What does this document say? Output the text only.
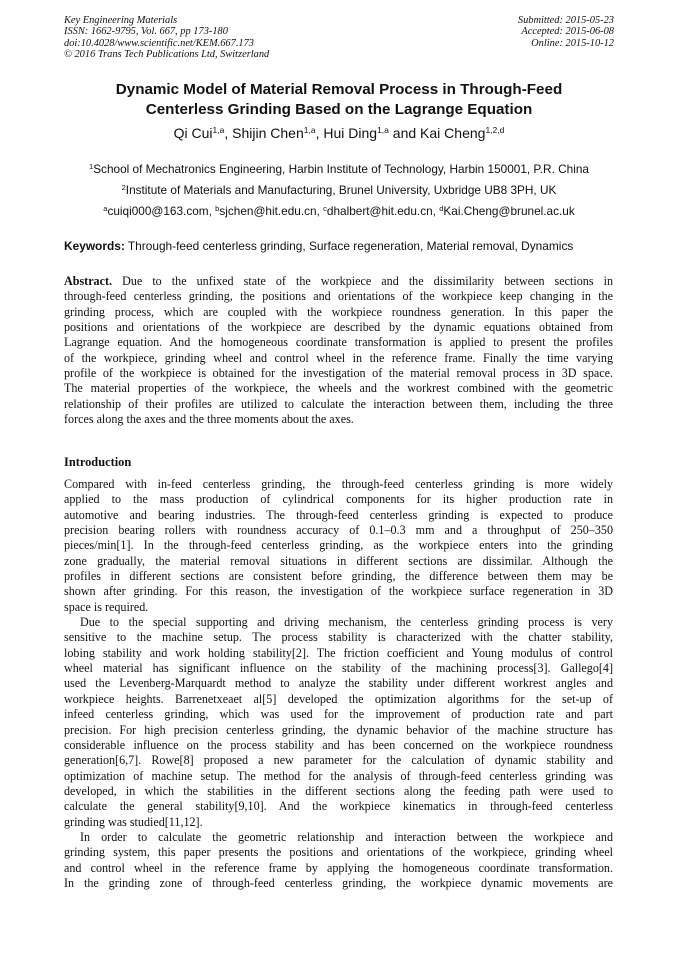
Key Engineering Materials
ISSN: 1662-9795, Vol. 667, pp 173-180
doi:10.4028/www.scientific.net/KEM.667.173
© 2016 Trans Tech Publications Ltd, Switzerland
Submitted: 2015-05-23
Accepted: 2015-06-08
Online: 2015-10-12
Dynamic Model of Material Removal Process in Through-Feed
Centerless Grinding Based on the Lagrange Equation
Qi Cui$^{1,a}$, Shijin Chen$^{1,a}$, Hui Ding$^{1,a}$ and Kai Cheng$^{1,2,d}$
$^1$School of Mechatronics Engineering, Harbin Institute of Technology, Harbin 150001, P.R. China
$^2$Institute of Materials and Manufacturing, Brunel University, Uxbridge UB8 3PH, UK
$^a$cuiqi000@163.com, $^b$sjchen@hit.edu.cn, $^c$dhalbert@hit.edu.cn, $^d$Kai.Cheng@brunel.ac.uk
Keywords: Through-feed centerless grinding, Surface regeneration, Material removal, Dynamics
Abstract. Due to the unfixed state of the workpiece and the dissimilarity between sections in
through-feed centerless grinding, the positions and orientations of the workpiece keep changing in the
grinding process, which are coupled with the workpiece roundness generation. In this paper the
positions and orientations of the workpiece are described by the dynamic equations obtained from
Lagrange equation. And the homogeneous coordinate transformation is applied to present the profiles
of the workpiece, grinding wheel and control wheel in the reference frame. Finally the time varying
profile of the workpiece is obtained for the investigation of the material removal process in 3D space.
The material properties of the workpiece, the wheels and the workrest combined with the geometric
relationship of their profiles are utilized to calculate the interaction between them, including the three
forces along the axes and the three moments about the axes.
Introduction
Compared with in-feed centerless grinding, the through-feed centerless grinding is more widely
applied to the mass production of cylindrical components for its higher production rate in
automotive and bearing industries. The through-feed centerless grinding is expected to produce
precision bearing rollers with roundness accuracy of 0.1–0.3 mm and a throughput of 250–350
pieces/min[1]. In the through-feed centerless grinding, as the workpiece enters into the grinding
zone gradually, the material removal situations in different sections are dissimilar. Although the
profiles in different sections are consistent before grinding, the difference between them may be
shown after grinding. For this reason, the investigation of the workpiece surface regeneration in 3D
space is required.
Due to the special supporting and driving mechanism, the centerless grinding process is very
sensitive to the machine setup. The process stability is characterized with the chatter stability,
lobing stability and work holding stability[2]. The friction coefficient and Young modulus of control
wheel material has significant influence on the stability of the machining process[3]. Gallego[4]
used the Levenberg-Marquardt method to analyze the stability under different workrest angles and
workpiece heights. Barrenetxeaet al[5] developed the optimization algorithms for the set-up of
infeed centerless grinding, which was used for the improvement of production rate and part
precision. For high precision centerless grinding, the dynamic behavior of the machine structure has
considerable influence on the process stability and has been concerned on the workpiece roundness
generation[6,7]. Rowe[8] proposed a new parameter for the calculation of dynamic stability and
optimization of machine setup. The method for the analysis of through-feed centerless grinding was
developed, in which the stabilities in the different sections along the feeding path were used to
calculate the general stability[9,10]. And the workpiece kinematics in through-feed centerless
grinding was studied[11,12].
In order to calculate the geometric relationship and interaction between the workpiece and
grinding system, this paper presents the positions and orientations of the workpiece, grinding wheel
and control wheel in the reference frame by applying the homogeneous coordinate transformation.
In the grinding zone of through-feed centerless grinding, the workpiece dynamic movements are
